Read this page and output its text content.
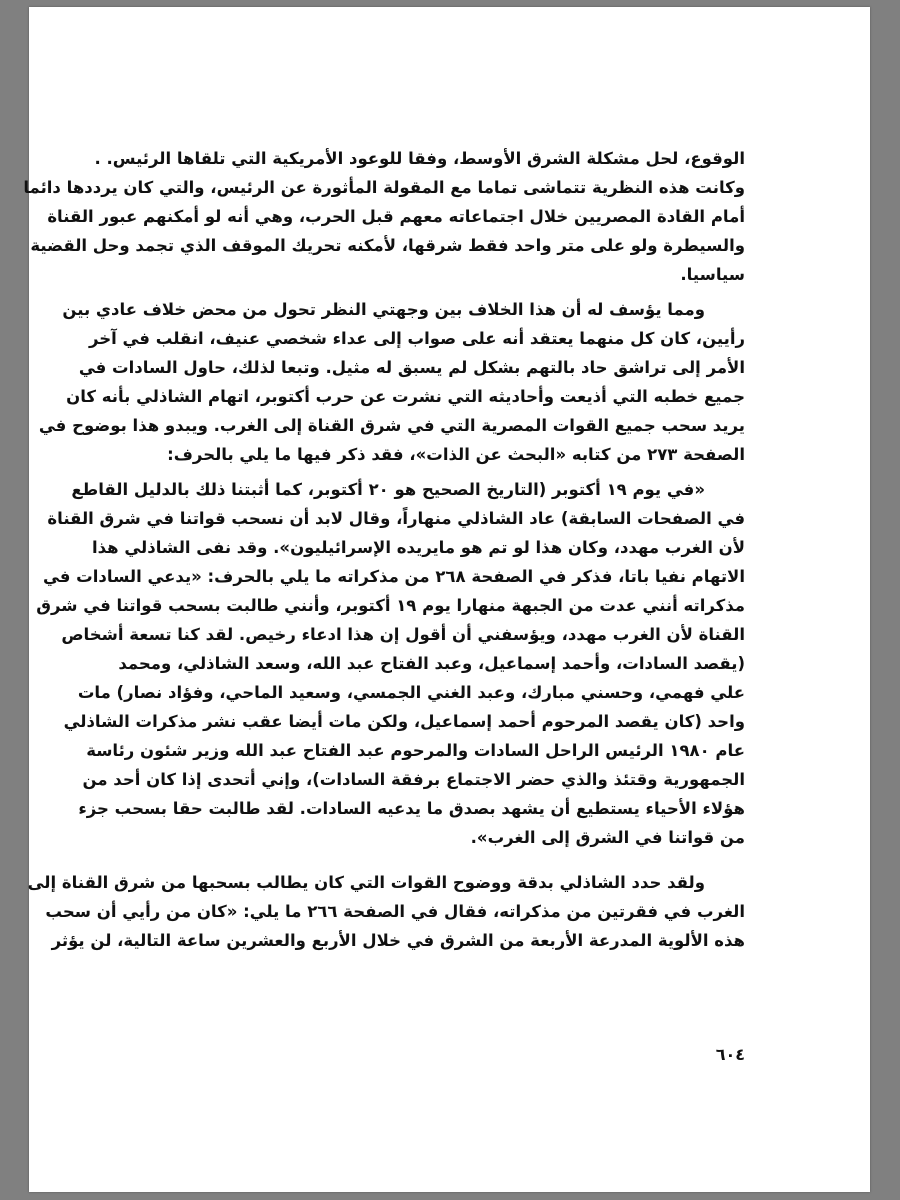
الوقوع، لحل مشكلة الشرق الأوسط، وفقا للوعود الأمريكية التي تلقاها الرئيس. .
وكانت هذه النظرية تتماشى تماما مع المقولة المأثورة عن الرئيس، والتي كان يرددها دائما
أمام القادة المصريين خلال اجتماعاته معهم قبل الحرب، وهي أنه لو أمكنهم عبور القناة
والسيطرة ولو على متر واحد فقط شرقها، لأمكنه تحريك الموقف الذي تجمد وحل القضية
سياسيا.
ومما يؤسف له أن هذا الخلاف بين وجهتي النظر تحول من محض خلاف عادي بين
رأيين، كان كل منهما يعتقد أنه على صواب إلى عداء شخصي عنيف، انقلب في آخر
الأمر إلى تراشق حاد بالتهم بشكل لم يسبق له مثيل. وتبعا لذلك، حاول السادات في
جميع خطبه التي أذيعت وأحاديثه التي نشرت عن حرب أكتوبر، اتهام الشاذلي بأنه كان
يريد سحب جميع القوات المصرية التي في شرق القناة إلى الغرب. ويبدو هذا بوضوح في
الصفحة ٢٧٣ من كتابه «البحث عن الذات»، فقد ذكر فيها ما يلي بالحرف:
«في يوم ١٩ أكتوبر (التاريخ الصحيح هو ٢٠ أكتوبر، كما أثبتنا ذلك بالدليل القاطع
في الصفحات السابقة) عاد الشاذلي منهاراً، وقال لابد أن نسحب قواتنا في شرق القناة
لأن الغرب مهدد، وكان هذا لو تم هو مايريده الإسرائيليون». وقد نفى الشاذلي هذا
الاتهام نفيا باتا، فذكر في الصفحة ٢٦٨ من مذكراته ما يلي بالحرف: «يدعي السادات في
مذكراته أنني عدت من الجبهة منهارا يوم ١٩ أكتوبر، وأنني طالبت بسحب قواتنا في شرق
القناة لأن الغرب مهدد، ويؤسفني أن أقول إن هذا ادعاء رخيص. لقد كنا تسعة أشخاص
(يقصد السادات، وأحمد إسماعيل، وعبد الفتاح عبد الله، وسعد الشاذلي، ومحمد
علي فهمي، وحسني مبارك، وعبد الغني الجمسي، وسعيد الماحي، وفؤاد نصار) مات
واحد (كان يقصد المرحوم أحمد إسماعيل، ولكن مات أيضا عقب نشر مذكرات الشاذلي
عام ١٩٨٠ الرئيس الراحل السادات والمرحوم عبد الفتاح عبد الله وزير شئون رئاسة
الجمهورية وقتئذ والذي حضر الاجتماع برفقة السادات)، وإني أتحدى إذا كان أحد من
هؤلاء الأحياء يستطيع أن يشهد بصدق ما يدعيه السادات. لقد طالبت حقا بسحب جزء
من قواتنا في الشرق إلى الغرب».
ولقد حدد الشاذلي بدقة ووضوح القوات التي كان يطالب بسحبها من شرق القناة إلى
الغرب في فقرتين من مذكراته، فقال في الصفحة ٢٦٦ ما يلي: «كان من رأيي أن سحب
هذه الألوية المدرعة الأربعة من الشرق في خلال الأربع والعشرين ساعة التالية، لن يؤثر
٦٠٤
